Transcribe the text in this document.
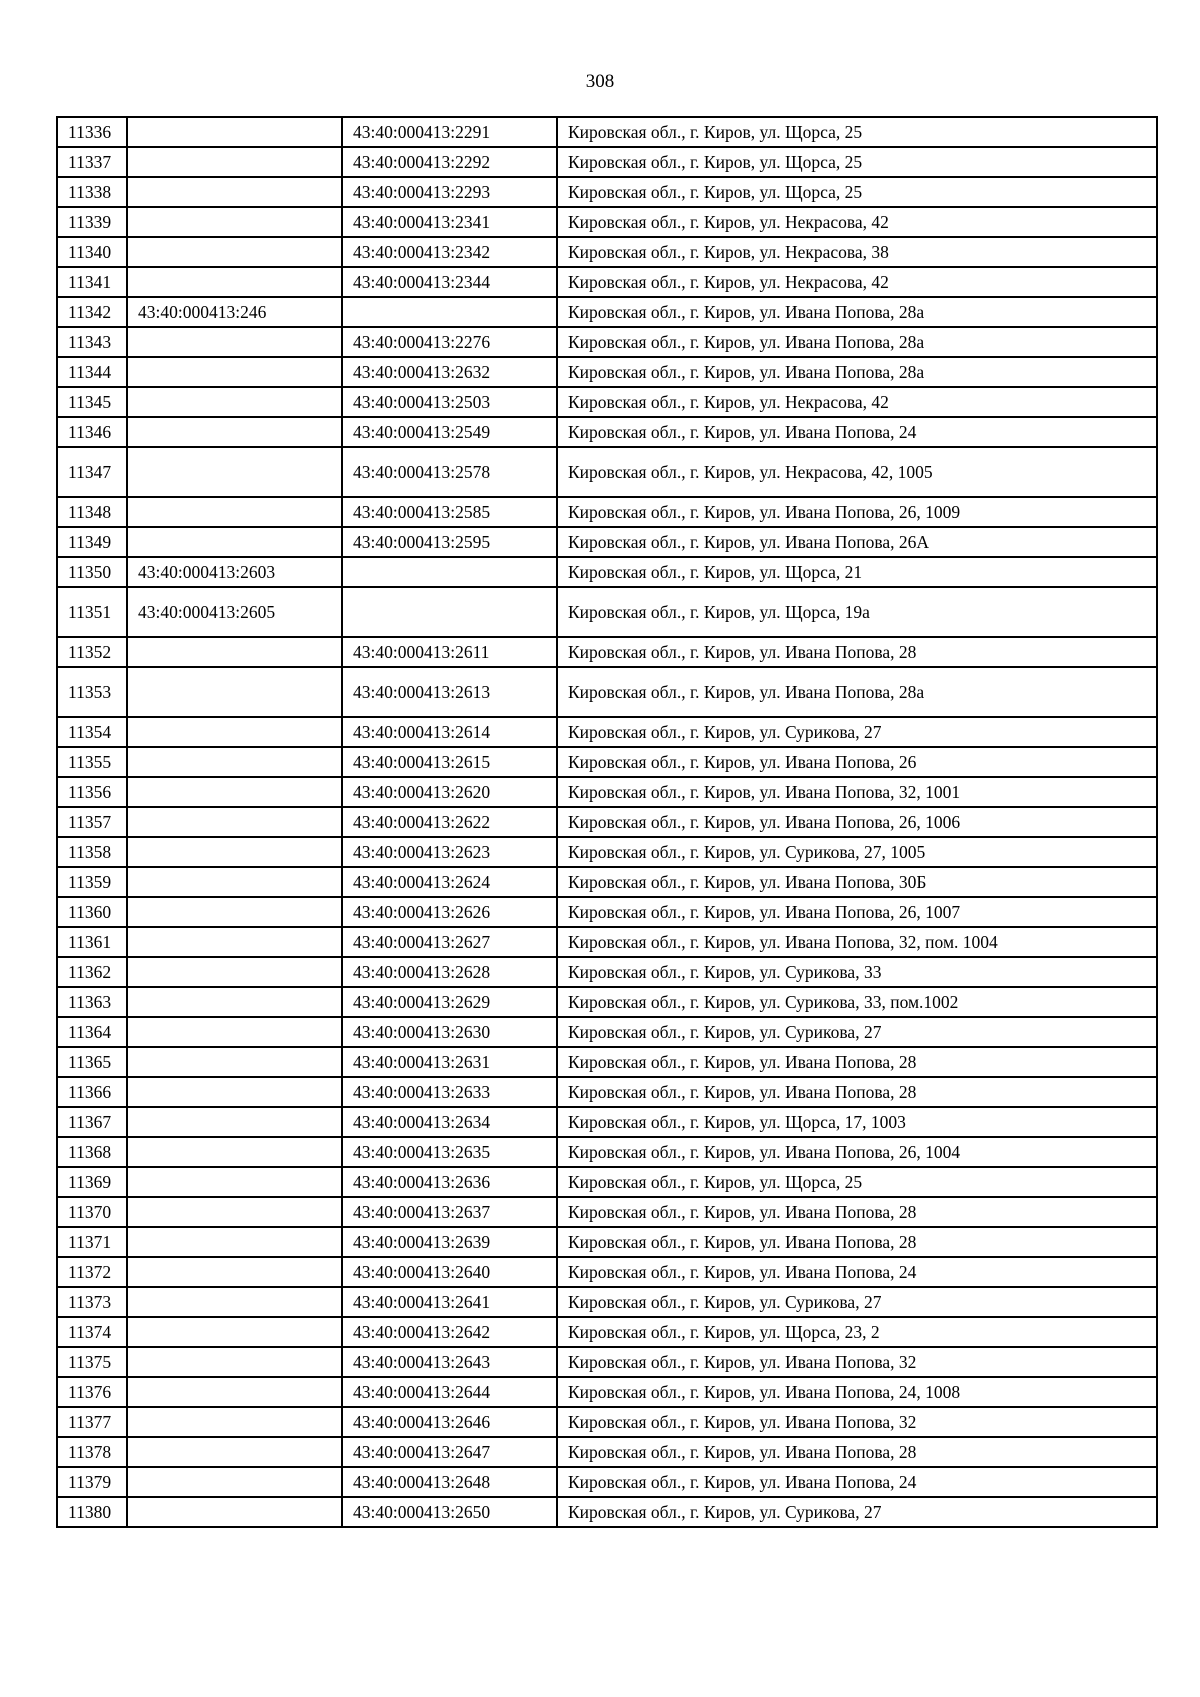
308
11336		43:40:000413:2291	Кировская обл., г. Киров, ул. Щорса, 25
11337		43:40:000413:2292	Кировская обл., г. Киров, ул. Щорса, 25
11338		43:40:000413:2293	Кировская обл., г. Киров, ул. Щорса, 25
11339		43:40:000413:2341	Кировская обл., г. Киров, ул. Некрасова, 42
11340		43:40:000413:2342	Кировская обл., г. Киров, ул. Некрасова, 38
11341		43:40:000413:2344	Кировская обл., г. Киров, ул. Некрасова, 42
11342	43:40:000413:246		Кировская обл., г. Киров, ул. Ивана Попова, 28а
11343		43:40:000413:2276	Кировская обл., г. Киров, ул. Ивана Попова, 28а
11344		43:40:000413:2632	Кировская обл., г. Киров, ул. Ивана Попова, 28а
11345		43:40:000413:2503	Кировская обл., г. Киров, ул. Некрасова, 42
11346		43:40:000413:2549	Кировская обл., г. Киров, ул. Ивана Попова, 24
11347		43:40:000413:2578	Кировская обл., г. Киров, ул. Некрасова, 42, 1005
11348		43:40:000413:2585	Кировская обл., г. Киров, ул. Ивана Попова, 26, 1009
11349		43:40:000413:2595	Кировская обл., г. Киров, ул. Ивана Попова, 26А
11350	43:40:000413:2603		Кировская обл., г. Киров, ул. Щорса, 21
11351	43:40:000413:2605		Кировская обл., г. Киров, ул. Щорса, 19а
11352		43:40:000413:2611	Кировская обл., г. Киров, ул. Ивана Попова, 28
11353		43:40:000413:2613	Кировская обл., г. Киров, ул. Ивана Попова, 28а
11354		43:40:000413:2614	Кировская обл., г. Киров, ул. Сурикова, 27
11355		43:40:000413:2615	Кировская обл., г. Киров, ул. Ивана Попова, 26
11356		43:40:000413:2620	Кировская обл., г. Киров, ул. Ивана Попова, 32, 1001
11357		43:40:000413:2622	Кировская обл., г. Киров, ул. Ивана Попова, 26, 1006
11358		43:40:000413:2623	Кировская обл., г. Киров, ул. Сурикова, 27, 1005
11359		43:40:000413:2624	Кировская обл., г. Киров, ул. Ивана Попова, 30Б
11360		43:40:000413:2626	Кировская обл., г. Киров, ул. Ивана Попова, 26, 1007
11361		43:40:000413:2627	Кировская обл., г. Киров, ул. Ивана Попова, 32, пом. 1004
11362		43:40:000413:2628	Кировская обл., г. Киров, ул. Сурикова, 33
11363		43:40:000413:2629	Кировская обл., г. Киров, ул. Сурикова, 33, пом.1002
11364		43:40:000413:2630	Кировская обл., г. Киров, ул. Сурикова, 27
11365		43:40:000413:2631	Кировская обл., г. Киров, ул. Ивана Попова, 28
11366		43:40:000413:2633	Кировская обл., г. Киров, ул. Ивана Попова, 28
11367		43:40:000413:2634	Кировская обл., г. Киров, ул. Щорса, 17, 1003
11368		43:40:000413:2635	Кировская обл., г. Киров, ул. Ивана Попова, 26, 1004
11369		43:40:000413:2636	Кировская обл., г. Киров, ул. Щорса, 25
11370		43:40:000413:2637	Кировская обл., г. Киров, ул. Ивана Попова, 28
11371		43:40:000413:2639	Кировская обл., г. Киров, ул. Ивана Попова, 28
11372		43:40:000413:2640	Кировская обл., г. Киров, ул. Ивана Попова, 24
11373		43:40:000413:2641	Кировская обл., г. Киров, ул. Сурикова, 27
11374		43:40:000413:2642	Кировская обл., г. Киров, ул. Щорса, 23, 2
11375		43:40:000413:2643	Кировская обл., г. Киров, ул. Ивана Попова, 32
11376		43:40:000413:2644	Кировская обл., г. Киров, ул. Ивана Попова, 24, 1008
11377		43:40:000413:2646	Кировская обл., г. Киров, ул. Ивана Попова, 32
11378		43:40:000413:2647	Кировская обл., г. Киров, ул. Ивана Попова, 28
11379		43:40:000413:2648	Кировская обл., г. Киров, ул. Ивана Попова, 24
11380		43:40:000413:2650	Кировская обл., г. Киров, ул. Сурикова, 27
